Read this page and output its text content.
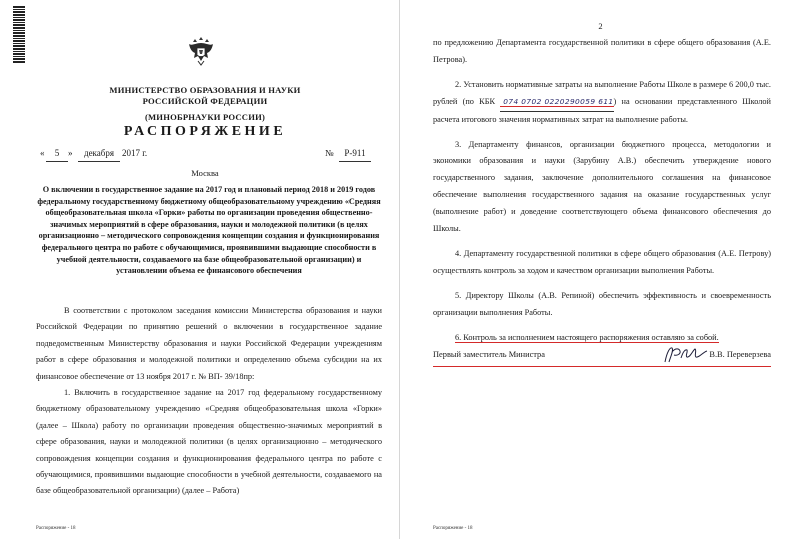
МИНИСТЕРСТВО ОБРАЗОВАНИЯ И НАУКИ
РОССИЙСКОЙ ФЕДЕРАЦИИ
(МИНОБРНАУКИ РОССИИ)
РАСПОРЯЖЕНИЕ
«	5 »	декабря 2017 г.	№	Р-911
Москва
О включении в государственное задание на 2017 год и плановый период 2018 и 2019 годов федеральному государственному бюджетному общеобразовательному учреждению «Средняя общеобразовательная школа «Горки» работы по организации проведения общественно-значимых мероприятий в сфере образования, науки и молодежной политики (в целях организационно – методического сопровождения концепции создания и функционирования федерального центра по работе с обучающимися, проявившими выдающие способности в учебной деятельности, создаваемого на базе общеобразовательной организации) и установлении объема ее финансового обеспечения

В соответствии с протоколом заседания комиссии Министерства образования и науки Российской Федерации по принятию решений о включении в государственное задание подведомственным Министерству образования и науки Российской Федерации учреждениям работ в сфере образования и молодежной политики и определению объема субсидии на их финансовое обеспечение от 13 ноября 2017 г. № ВП- 39/18пр:

1. Включить в государственное задание на 2017 год федеральному государственному бюджетному образовательному учреждению «Средняя общеобразовательная школа «Горки» (далее – Школа) работу по организации проведения общественно-значимых мероприятий в сфере образования, науки и молодежной политики (в целях организационно – методического сопровождения концепции создания и функционирования федерального центра по работе с обучающимися, проявившими выдающие способности в учебной деятельности, создаваемого на базе общеобразовательной организации) (далее – Работа)

Распоряжение - 18
2

по предложению Департамента государственной политики в сфере общего образования (А.Е. Петрова).

2. Установить нормативные затраты на выполнение Работы Школе в размере 6 200,0 тыс. рублей (по КБК 074 0702 0220290059 611) на основании представленного Школой расчета итогового значения нормативных затрат на выполнение работы.

3. Департаменту финансов, организации бюджетного процесса, методологии и экономики образования и науки (Зарубину А.В.) обеспечить утверждение нового государственного задания, заключение дополнительного соглашения на финансовое обеспечение выполнения государственного задания на оказание государственных услуг (выполнение работ) и доведение соответствующего объема финансового обеспечения до Школы.

4. Департаменту государственной политики в сфере общего образования (А.Е. Петрову) осуществлять контроль за ходом и качеством организации выполнения Работы.

5. Директору Школы (А.В. Репиной) обеспечить эффективность и своевременность организации выполнения Работы.

6. Контроль за исполнением настоящего распоряжения оставляю за собой.

Первый заместитель Министра	В.В. Переверзева
Распоряжение - 18
